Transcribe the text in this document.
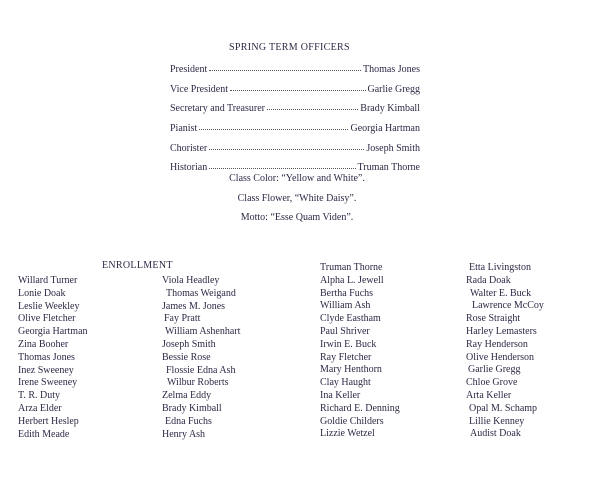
SPRING TERM OFFICERS
President	Thomas Jones
Vice President	Garlie Gregg
Secretary and Treasurer	Brady Kimball
Pianist	Georgia Hartman
Chorister	Joseph Smith
Historian	Truman Thorne
Class Color: “Yellow and White”.
Class Flower, “White Daisy”.
Motto: “Esse Quam Viden”.
ENROLLMENT
Willard Turner
Lonie Doak
Leslie Weekley
Olive Fletcher
Georgia Hartman
Zina Booher
Thomas Jones
Inez Sweeney
Irene Sweeney
T. R. Duty
Arza Elder
Herbert Heslep
Edith Meade
Viola Headley
Thomas Weigand
James M. Jones
Fay Pratt
William Ashenhart
Joseph Smith
Bessie Rose
Flossie Edna Ash
Wilbur Roberts
Zelma Eddy
Brady Kimball
Edna Fuchs
Henry Ash
Truman Thorne
Alpha L. Jewell
Bertha Fuchs
William Ash
Clyde Eastham
Paul Shriver
Irwin E. Buck
Ray Fletcher
Mary Henthorn
Clay Haught
Ina Keller
Richard E. Denning
Goldie Childers
Lizzie Wetzel
Etta Livingston
Rada Doak
Walter E. Buck
Lawrence McCoy
Rose Straight
Harley Lemasters
Ray Henderson
Olive Henderson
Garlie Gregg
Chloe Grove
Arta Keller
Opal M. Schamp
Lillie Kenney
Audist Doak
